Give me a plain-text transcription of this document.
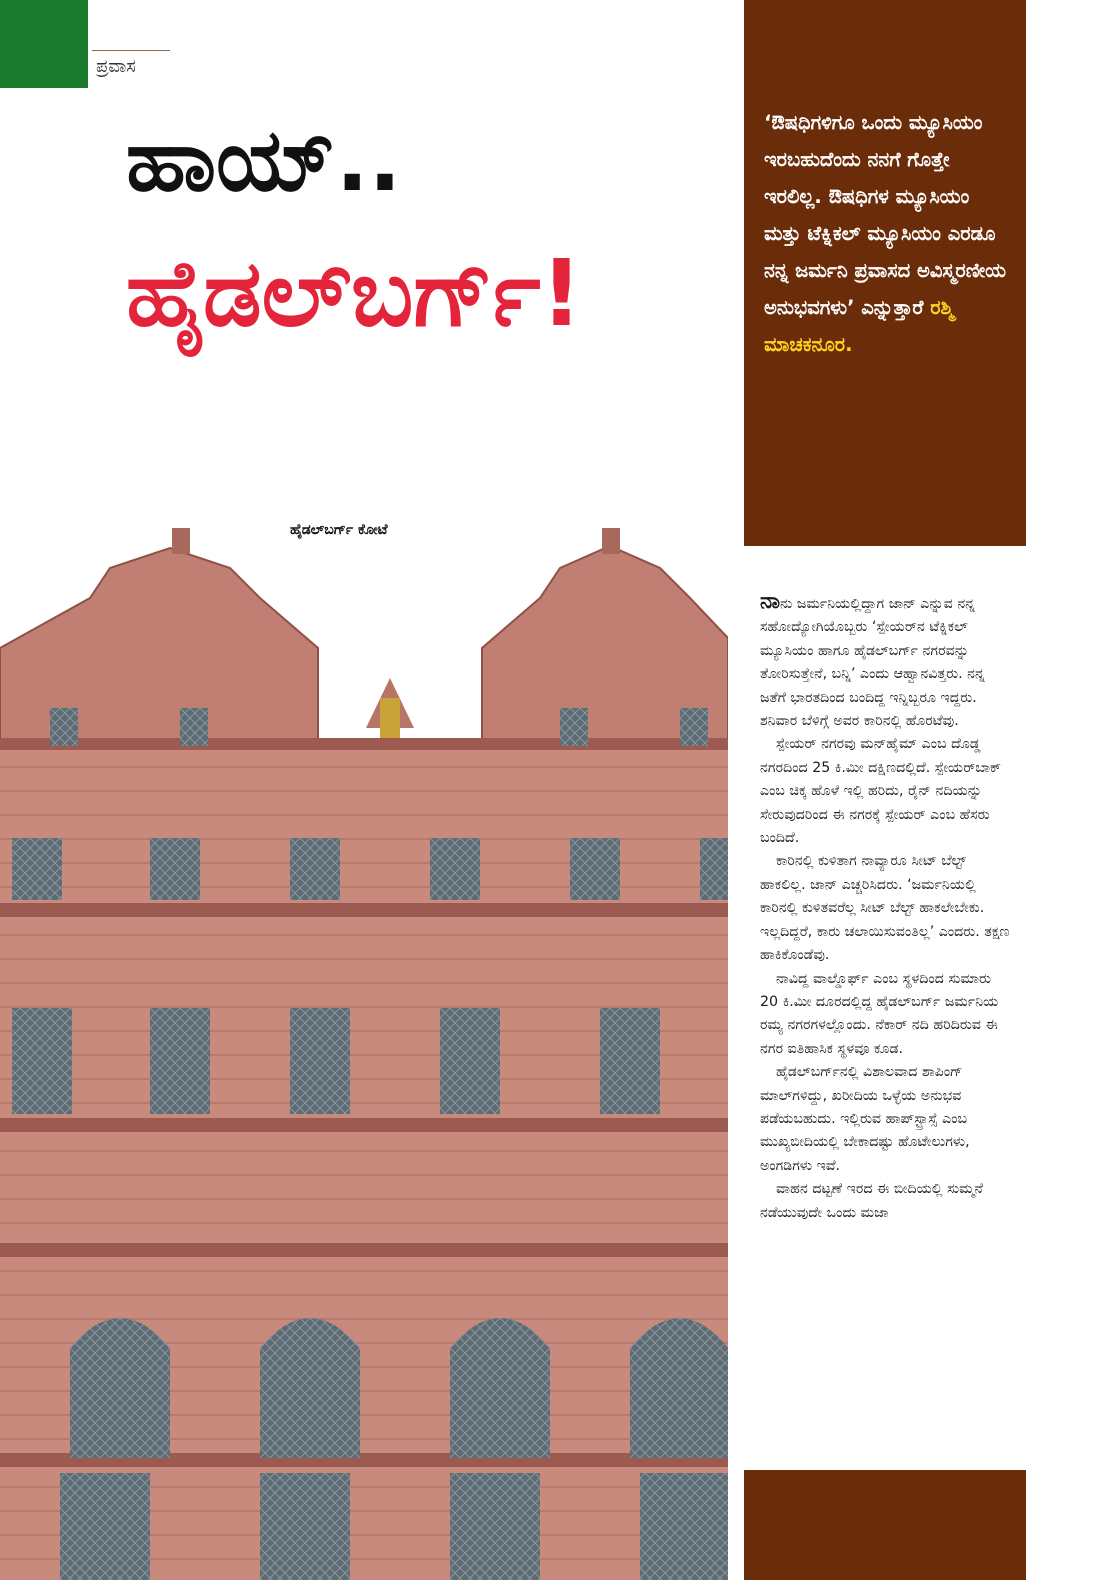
ಪ್ರವಾಸ
ಹಾಯ್..
ಹೈಡಲ್‌ಬರ್ಗ್!
‘ಔಷಧಿಗಳಿಗೂ ಒಂದು ಮ್ಯೂಸಿಯಂ ಇರಬಹುದೆಂದು ನನಗೆ ಗೊತ್ತೇ ಇರಲಿಲ್ಲ. ಔಷಧಿಗಳ ಮ್ಯೂಸಿಯಂ ಮತ್ತು ಟೆಕ್ನಿಕಲ್ ಮ್ಯೂಸಿಯಂ ಎರಡೂ ನನ್ನ ಜರ್ಮನಿ ಪ್ರವಾಸದ ಅವಿಸ್ಮರಣೀಯ ಅನುಭವಗಳು’ ಎನ್ನುತ್ತಾರೆ ರಶ್ಮಿ ಮಾಚಕನೂರ.
ಹೈಡಲ್‌ಬರ್ಗ್ ಕೋಟೆ

ನಾನು ಜರ್ಮನಿಯಲ್ಲಿದ್ದಾಗ ಜಾನ್ ಎನ್ನುವ ನನ್ನ ಸಹೋದ್ಯೋಗಿಯೊಬ್ಬರು ‘ಸ್ಪೇಯರ್‌ನ ಟೆಕ್ನಿಕಲ್ ಮ್ಯೂಸಿಯಂ ಹಾಗೂ ಹೈಡಲ್‌ಬರ್ಗ್ ನಗರವನ್ನು ತೋರಿಸುತ್ತೇನೆ, ಬನ್ನಿ’ ಎಂದು ಆಹ್ವಾನವಿತ್ತರು. ನನ್ನ ಜತೆಗೆ ಭಾರತದಿಂದ ಬಂದಿದ್ದ ಇನ್ನಿಬ್ಬರೂ ಇದ್ದರು. ಶನಿವಾರ ಬೆಳಿಗ್ಗೆ ಅವರ ಕಾರಿನಲ್ಲಿ ಹೊರಟೆವು.

ಸ್ಪೇಯರ್ ನಗರವು ಮನ್‌ಹೈಮ್ ಎಂಬ ದೊಡ್ಡ ನಗರದಿಂದ 25 ಕಿ.ಮೀ ದಕ್ಷಿಣದಲ್ಲಿದೆ. ಸ್ಪೇಯರ್‌ಬಾಕ್ ಎಂಬ ಚಿಕ್ಕ ಹೊಳೆ ಇಲ್ಲಿ ಹರಿದು, ರೈನ್ ನದಿಯನ್ನು ಸೇರುವುದರಿಂದ ಈ ನಗರಕ್ಕೆ ಸ್ಪೇಯರ್ ಎಂಬ ಹೆಸರು ಬಂದಿದೆ.

ಕಾರಿನಲ್ಲಿ ಕುಳಿತಾಗ ನಾವ್ಯಾರೂ ಸೀಟ್ ಬೆಲ್ಟ್ ಹಾಕಲಿಲ್ಲ. ಜಾನ್ ಎಚ್ಚರಿಸಿದರು. ‘ಜರ್ಮನಿಯಲ್ಲಿ ಕಾರಿನಲ್ಲಿ ಕುಳಿತವರೆಲ್ಲ ಸೀಟ್ ಬೆಲ್ಟ್ ಹಾಕಲೇಬೇಕು. ಇಲ್ಲದಿದ್ದರೆ, ಕಾರು ಚಲಾಯಿಸುವಂತಿಲ್ಲ’ ಎಂದರು. ತಕ್ಷಣ ಹಾಕಿಕೊಂಡೆವು.

ನಾವಿದ್ದ ವಾಲ್ಡೊರ್ಫ್ ಎಂಬ ಸ್ಥಳದಿಂದ ಸುಮಾರು 20 ಕಿ.ಮೀ ದೂರದಲ್ಲಿದ್ದ ಹೈಡಲ್‌ಬರ್ಗ್ ಜರ್ಮನಿಯ ರಮ್ಯ ನಗರಗಳಲ್ಲೊಂದು. ನೆಕಾರ್ ನದಿ ಹರಿದಿರುವ ಈ ನಗರ ಐತಿಹಾಸಿಕ ಸ್ಥಳವೂ ಕೂಡ.

ಹೈಡಲ್‌ಬರ್ಗ್‌ನಲ್ಲಿ ವಿಶಾಲವಾದ ಶಾಪಿಂಗ್ ಮಾಲ್‌ಗಳಿದ್ದು, ಖರೀದಿಯ ಒಳ್ಳೆಯ ಅನುಭವ ಪಡೆಯಬಹುದು. ಇಲ್ಲಿರುವ ಹಾಪ್‌ಸ್ಟ್ರಾಸ್ಸೆ ಎಂಬ ಮುಖ್ಯಬೀದಿಯಲ್ಲಿ ಬೇಕಾದಷ್ಟು ಹೊಟೇಲುಗಳು, ಅಂಗಡಿಗಳು ಇವೆ.

ವಾಹನ ದಟ್ಟಣೆ ಇರದ ಈ ಬೀದಿಯಲ್ಲಿ ಸುಮ್ಮನೆ ನಡೆಯುವುದೇ ಒಂದು ಮಜಾ
